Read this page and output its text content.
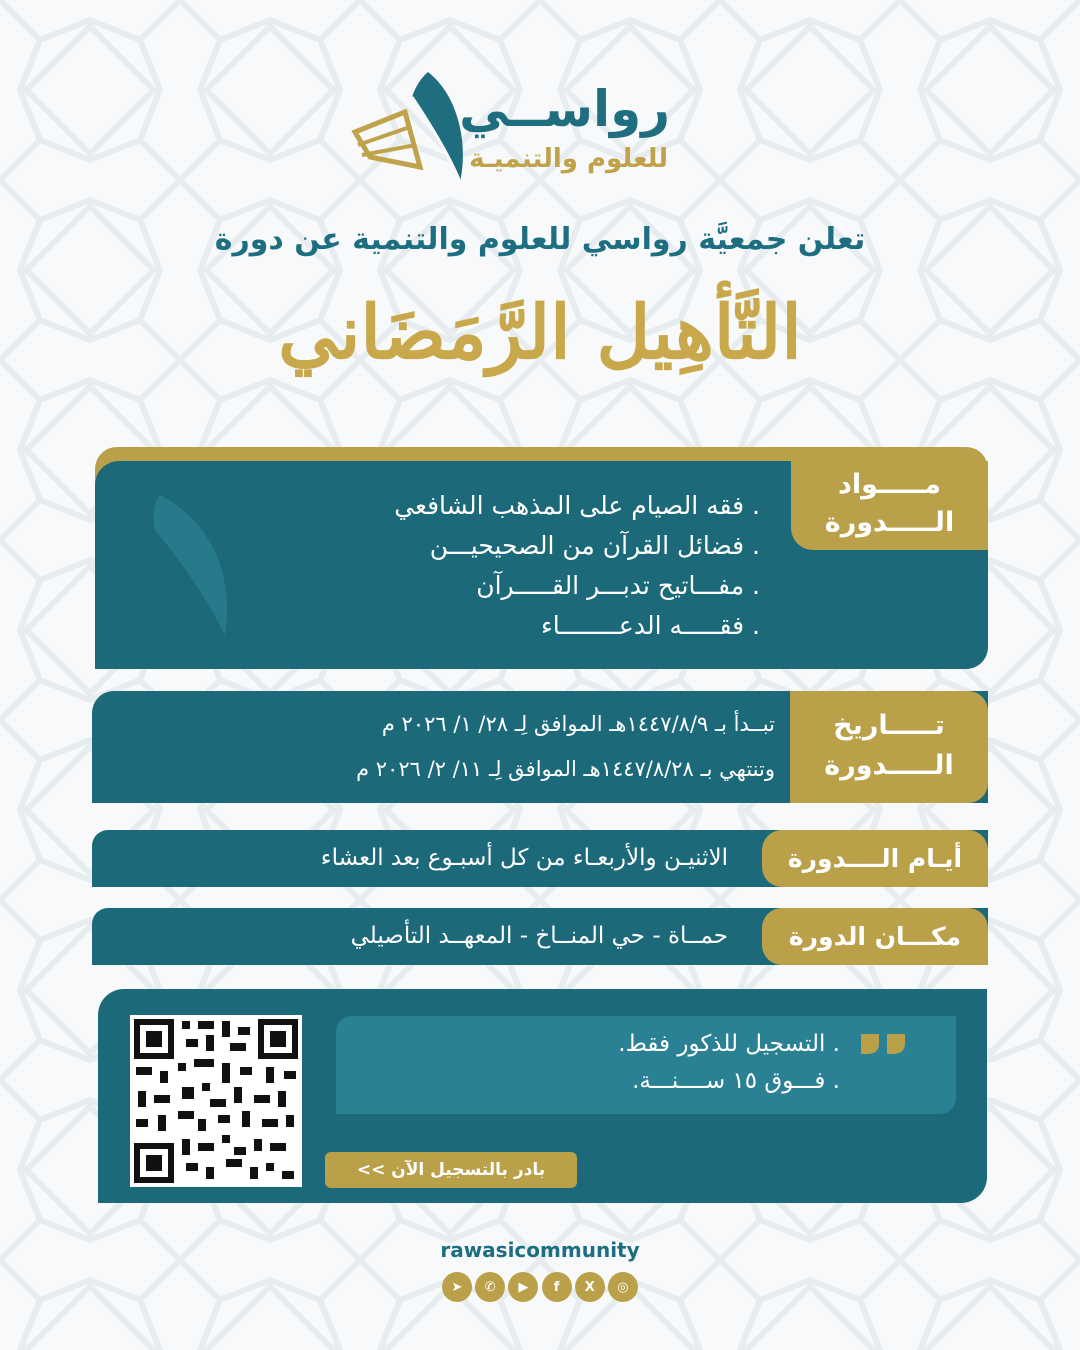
رواســي
للعلوم والتنميـة
تعلن جمعيَّة رواسي للعلوم والتنمية عن دورة
التَّأهِيل الرَّمَضَاني
مـــــواد
الـــــدورة
. فقه الصيام على المذهب الشافعي
. فضائل القرآن من الصحيحيـــن
. مفـــاتيح تدبـــر القـــــرآن
. فقـــــه الدعــــــــاء
تـــــاريخ
الـــــدورة
تبــدأ بـ ١٤٤٧/٨/٩هـ الموافق لِـ ٢٨/ ١/ ٢٠٢٦ م
وتنتهي بـ ١٤٤٧/٨/٢٨هـ الموافق لِـ ١١/ ٢/ ٢٠٢٦ م
أيـام الــــدورة
الاثنيـن والأربعـاء من كل أسبـوع بعد العشاء
مكـــان الدورة
حمــاة - حي المنــاخ - المعهــد التأصيلي
. التسجيل للذكور فقط.
. فـــوق ١٥ ســــنـــة.
بادر بالتسجيل الآن >>
rawasicommunity
➤	✆	▶	f	X	◎
